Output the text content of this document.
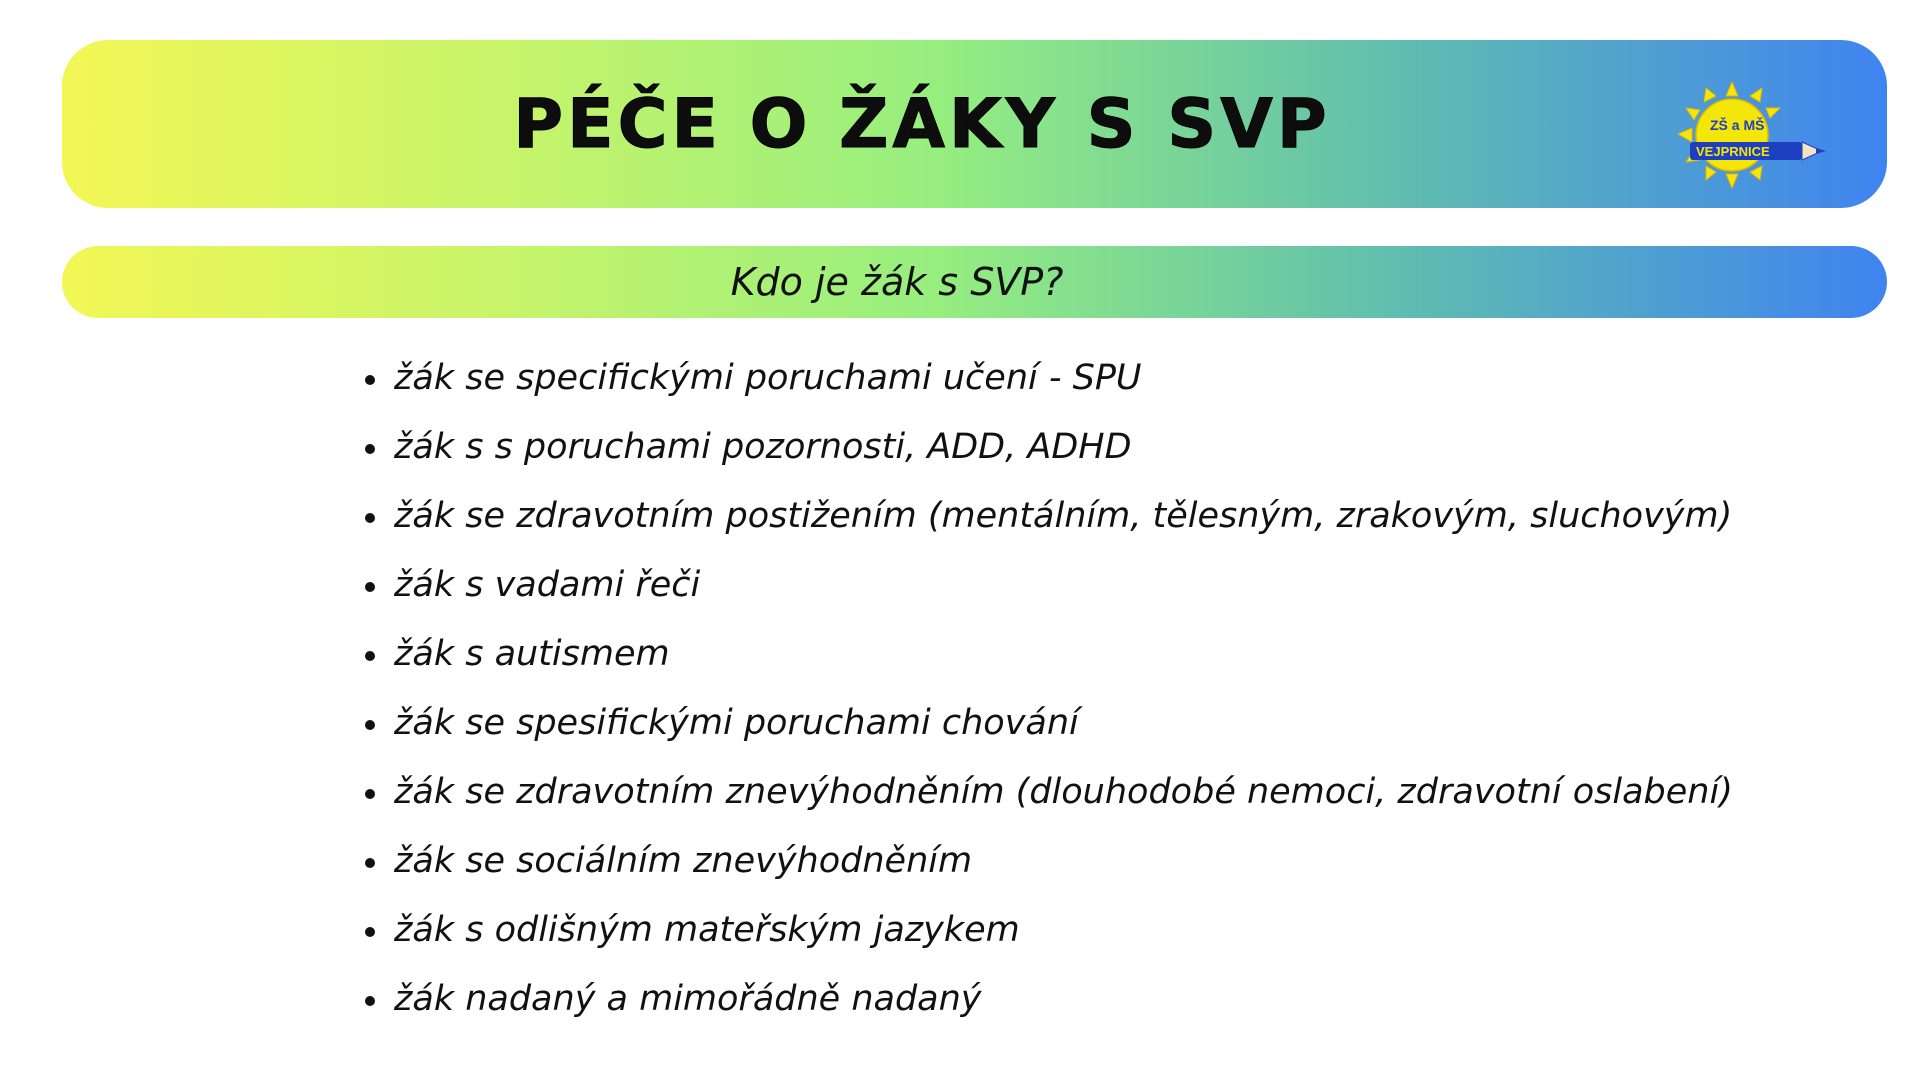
PÉČE O ŽÁKY S SVP	ZŠ a MŠ
VEJPRNICE
Kdo je žák s SVP?
žák se specifickými poruchami učení - SPU
žák s s poruchami pozornosti, ADD, ADHD
žák se zdravotním postižením (mentálním, tělesným, zrakovým, sluchovým)
žák s vadami řeči
žák s autismem
žák se spesifickými poruchami chování
žák se zdravotním znevýhodněním (dlouhodobé nemoci, zdravotní oslabení)
žák se sociálním znevýhodněním
žák s odlišným mateřským jazykem
žák nadaný a mimořádně nadaný
